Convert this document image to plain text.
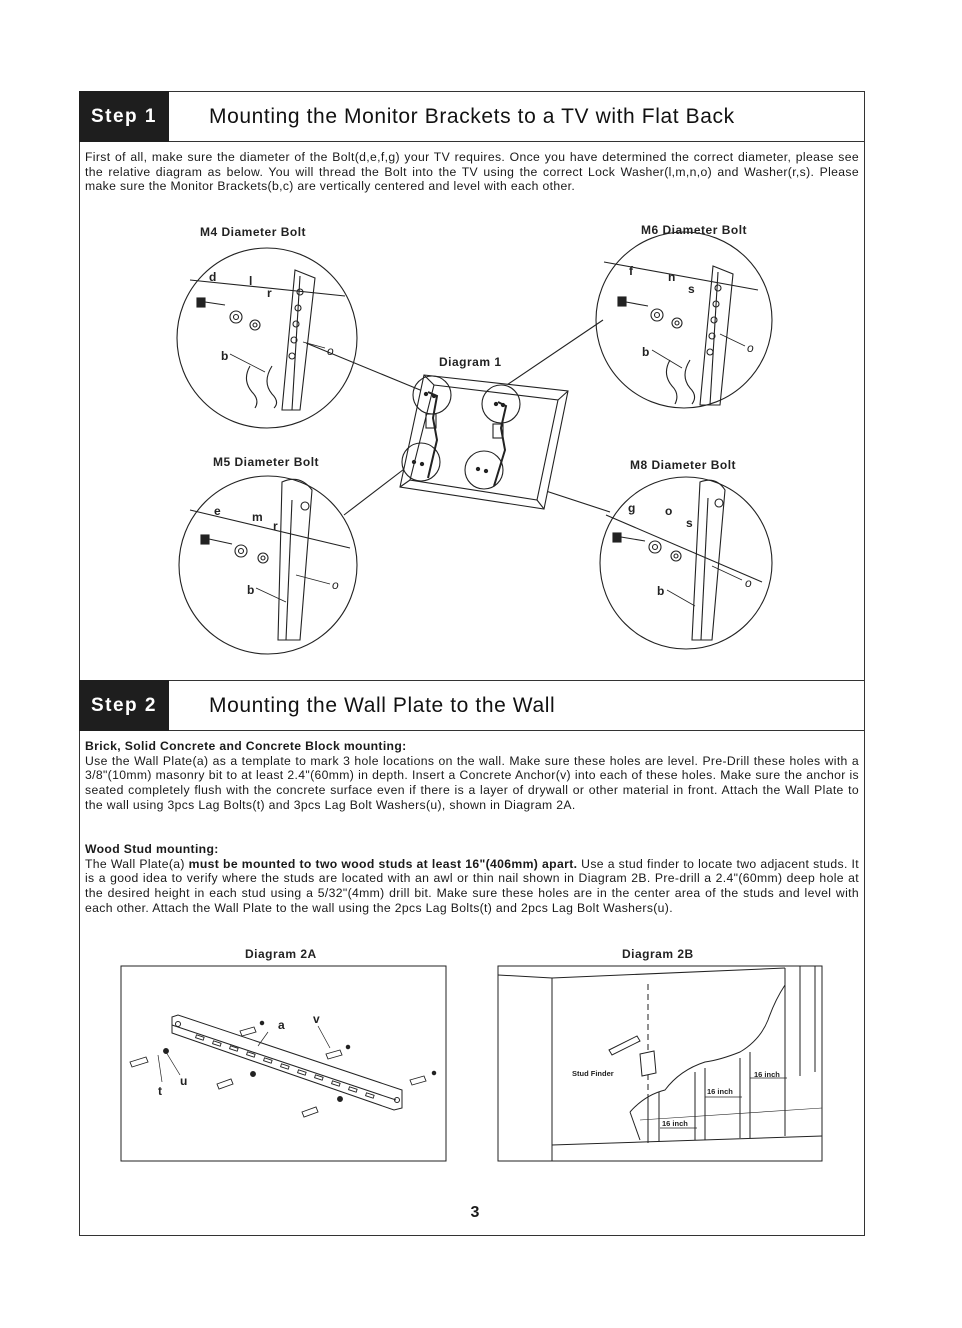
Step 1	Mounting the Monitor Brackets to a TV with Flat Back
First of all, make sure the diameter of the Bolt(d,e,f,g) your TV requires. Once you have determined the correct diameter, please see the relative diagram as below. You will thread the Bolt into the TV using the correct Lock Washer(l,m,n,o) and Washer(r,s). Please make sure the Monitor Brackets(b,c) are vertically centered and level with each other.
M4 Diameter Bolt	M6 Diameter Bolt
M5 Diameter Bolt	M8 Diameter Bolt
Diagram 1
d	l
r
b	o
f	n
s
b	o
e	m
r
b	o
g o
s
b
o
Step 2	Mounting the Wall Plate to the Wall
Brick, Solid Concrete and Concrete Block mounting:
Use the Wall Plate(a) as a template to mark 3 hole locations on the wall. Make sure these holes are level. Pre-Drill these holes with a 3/8"(10mm) masonry bit to at least 2.4"(60mm) in depth. Insert a Concrete Anchor(v) into each of these holes. Make sure the anchor is seated completely flush with the concrete surface even if there is a layer of drywall or other material in front. Attach the Wall Plate to the wall using 3pcs Lag Bolts(t) and 3pcs Lag Bolt Washers(u), shown in Diagram 2A.
Wood Stud mounting:
The Wall Plate(a) must be mounted to two wood studs at least 16"(406mm) apart. Use a stud finder to locate two adjacent studs. It is a good idea to verify where the studs are located with an awl or thin nail shown in Diagram 2B. Pre-drill a 2.4"(60mm) deep hole at the desired height in each stud using a 5/32"(4mm) drill bit. Make sure these holes are in the center area of the studs and level with each other. Attach the Wall Plate to the wall using the 2pcs Lag Bolts(t) and 2pcs Lag Bolt Washers(u).
Diagram 2A	Diagram 2B
a v
t
u
Stud Finder	16 inch
16 inch
16 inch
3
